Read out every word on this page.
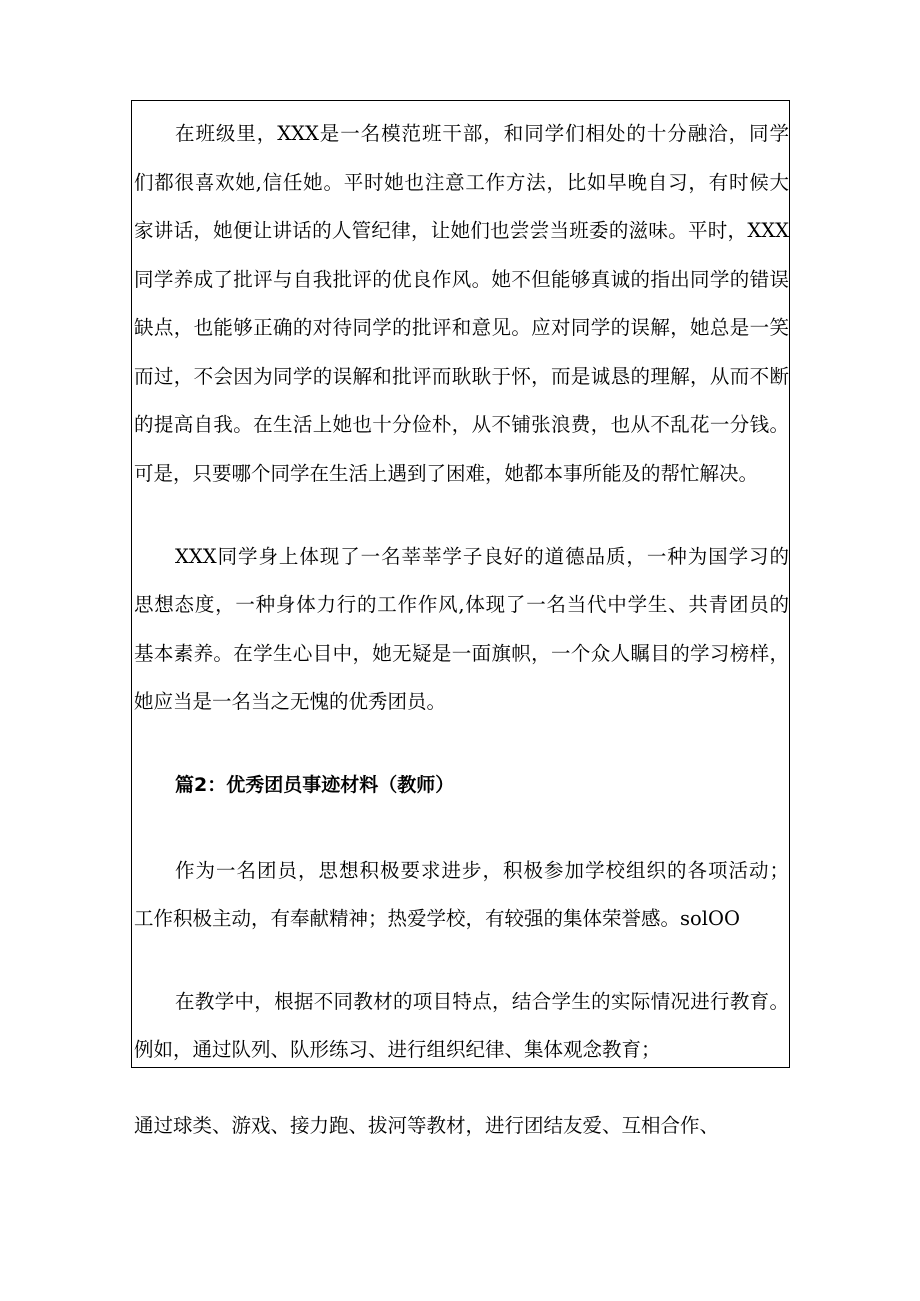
在班级里，XXX是一名模范班干部，和同学们相处的十分融洽，同学
们都很喜欢她,信任她。平时她也注意工作方法，比如早晚自习，有时候大
家讲话，她便让讲话的人管纪律，让她们也尝尝当班委的滋味。平时，XXX
同学养成了批评与自我批评的优良作风。她不但能够真诚的指出同学的错误
缺点，也能够正确的对待同学的批评和意见。应对同学的误解，她总是一笑
而过，不会因为同学的误解和批评而耿耿于怀，而是诚恳的理解，从而不断
的提高自我。在生活上她也十分俭朴，从不铺张浪费，也从不乱花一分钱。
可是，只要哪个同学在生活上遇到了困难，她都本事所能及的帮忙解决。
XXX同学身上体现了一名莘莘学子良好的道德品质，一种为国学习的
思想态度，一种身体力行的工作作风,体现了一名当代中学生、共青团员的
基本素养。在学生心目中，她无疑是一面旗帜，一个众人瞩目的学习榜样，
她应当是一名当之无愧的优秀团员。
篇2：优秀团员事迹材料（教师）
作为一名团员，思想积极要求进步，积极参加学校组织的各项活动；
工作积极主动，有奉献精神；热爱学校，有较强的集体荣誉感。solOO
在教学中，根据不同教材的项目特点，结合学生的实际情况进行教育。
例如，通过队列、队形练习、进行组织纪律、集体观念教育；
通过球类、游戏、接力跑、拔河等教材，进行团结友爱、互相合作、
